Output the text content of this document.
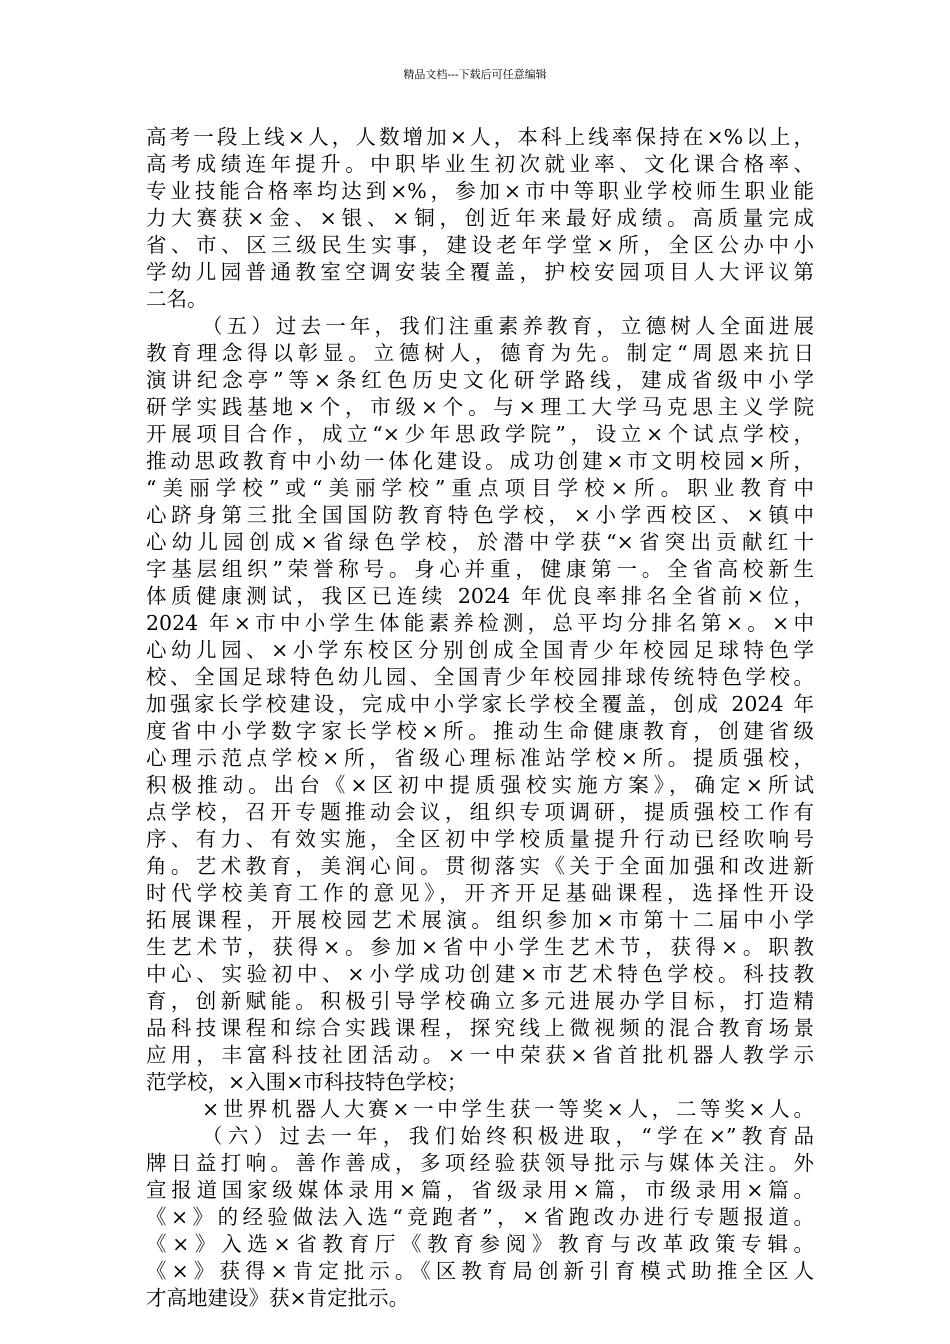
精品文档---下载后可任意编辑
高考一段上线×人，人数增加×人，本科上线率保持在×%以上，
高考成绩连年提升。中职毕业生初次就业率、文化课合格率、
专业技能合格率均达到×%，参加×市中等职业学校师生职业能
力大赛获×金、×银、×铜，创近年来最好成绩。高质量完成
省、市、区三级民生实事，建设老年学堂×所，全区公办中小
学幼儿园普通教室空调安装全覆盖，护校安园项目人大评议第
二名。
（五）过去一年，我们注重素养教育，立德树人全面进展
教育理念得以彰显。立德树人，德育为先。制定“周恩来抗日
演讲纪念亭”等×条红色历史文化研学路线，建成省级中小学
研学实践基地×个，市级×个。与×理工大学马克思主义学院
开展项目合作，成立“×少年思政学院”，设立×个试点学校，
推动思政教育中小幼一体化建设。成功创建×市文明校园×所，
“美丽学校”或“美丽学校”重点项目学校×所。职业教育中
心跻身第三批全国国防教育特色学校，×小学西校区、×镇中
心幼儿园创成×省绿色学校，於潜中学获“×省突出贡献红十
字基层组织”荣誉称号。身心并重，健康第一。全省高校新生
体质健康测试，我区已连续 2024 年优良率排名全省前×位，
2024 年×市中小学生体能素养检测，总平均分排名第×。×中
心幼儿园、×小学东校区分别创成全国青少年校园足球特色学
校、全国足球特色幼儿园、全国青少年校园排球传统特色学校。
加强家长学校建设，完成中小学家长学校全覆盖，创成 2024 年
度省中小学数字家长学校×所。推动生命健康教育，创建省级
心理示范点学校×所，省级心理标准站学校×所。提质强校，
积极推动。出台《×区初中提质强校实施方案》，确定×所试
点学校，召开专题推动会议，组织专项调研，提质强校工作有
序、有力、有效实施，全区初中学校质量提升行动已经吹响号
角。艺术教育，美润心间。贯彻落实《关于全面加强和改进新
时代学校美育工作的意见》，开齐开足基础课程，选择性开设
拓展课程，开展校园艺术展演。组织参加×市第十二届中小学
生艺术节，获得×。参加×省中小学生艺术节，获得×。职教
中心、实验初中、×小学成功创建×市艺术特色学校。科技教
育，创新赋能。积极引导学校确立多元进展办学目标，打造精
品科技课程和综合实践课程，探究线上微视频的混合教育场景
应用，丰富科技社团活动。×一中荣获×省首批机器人教学示
范学校，×入围×市科技特色学校；
×世界机器人大赛×一中学生获一等奖×人，二等奖×人。
（六）过去一年，我们始终积极进取，“学在×”教育品
牌日益打响。善作善成，多项经验获领导批示与媒体关注。外
宣报道国家级媒体录用×篇，省级录用×篇，市级录用×篇。
《×》的经验做法入选“竞跑者”，×省跑改办进行专题报道。
《×》入选×省教育厅《教育参阅》教育与改革政策专辑。
《×》获得×肯定批示。《区教育局创新引育模式助推全区人
才高地建设》获×肯定批示。
